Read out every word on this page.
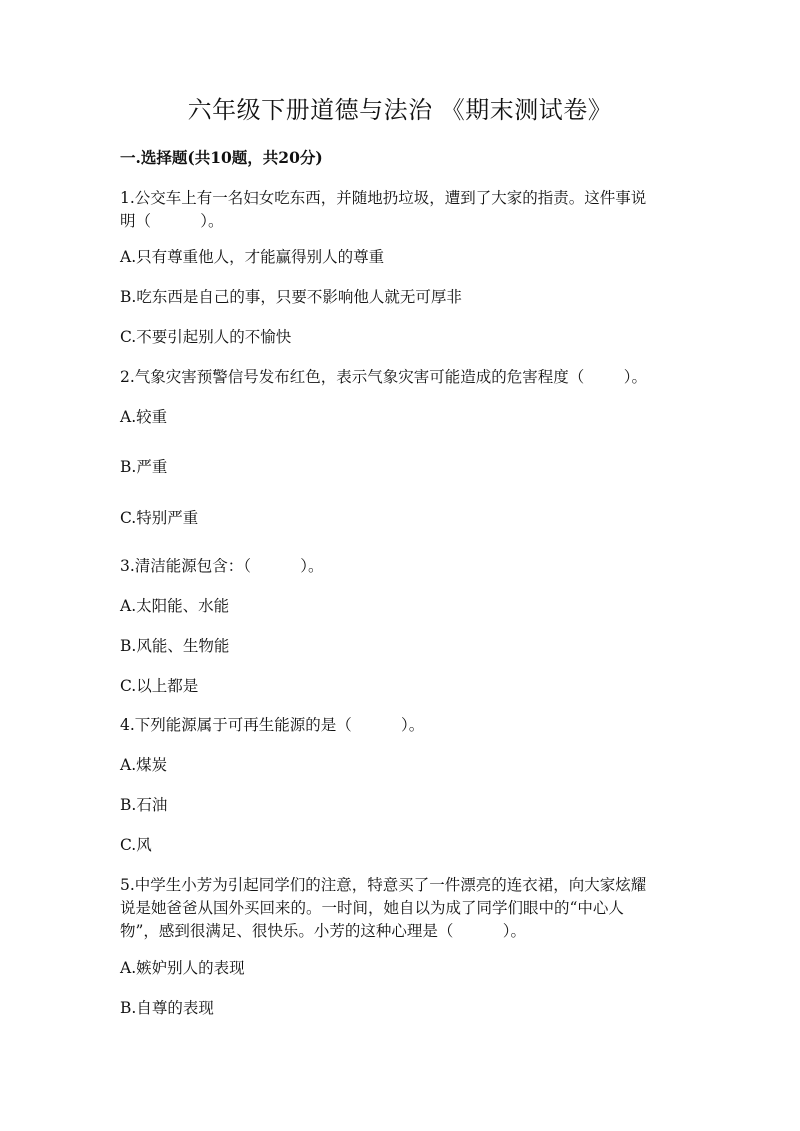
六年级下册道德与法治 《期末测试卷》
一.选择题(共10题，共20分)
1.公交车上有一名妇女吃东西，并随地扔垃圾，遭到了大家的指责。这件事说
明（          ）。
A.只有尊重他人，才能赢得别人的尊重
B.吃东西是自己的事，只要不影响他人就无可厚非
C.不要引起别人的不愉快
2.气象灾害预警信号发布红色，表示气象灾害可能造成的危害程度（        ）。
A.较重
B.严重
C.特别严重
3.清洁能源包含：（          ）。
A.太阳能、水能
B.风能、生物能
C.以上都是
4.下列能源属于可再生能源的是（          ）。
A.煤炭
B.石油
C.风
5.中学生小芳为引起同学们的注意，特意买了一件漂亮的连衣裙，向大家炫耀
说是她爸爸从国外买回来的。一时间，她自以为成了同学们眼中的“中心人
物”，感到很满足、很快乐。小芳的这种心理是（          ）。
A.嫉妒别人的表现
B.自尊的表现
